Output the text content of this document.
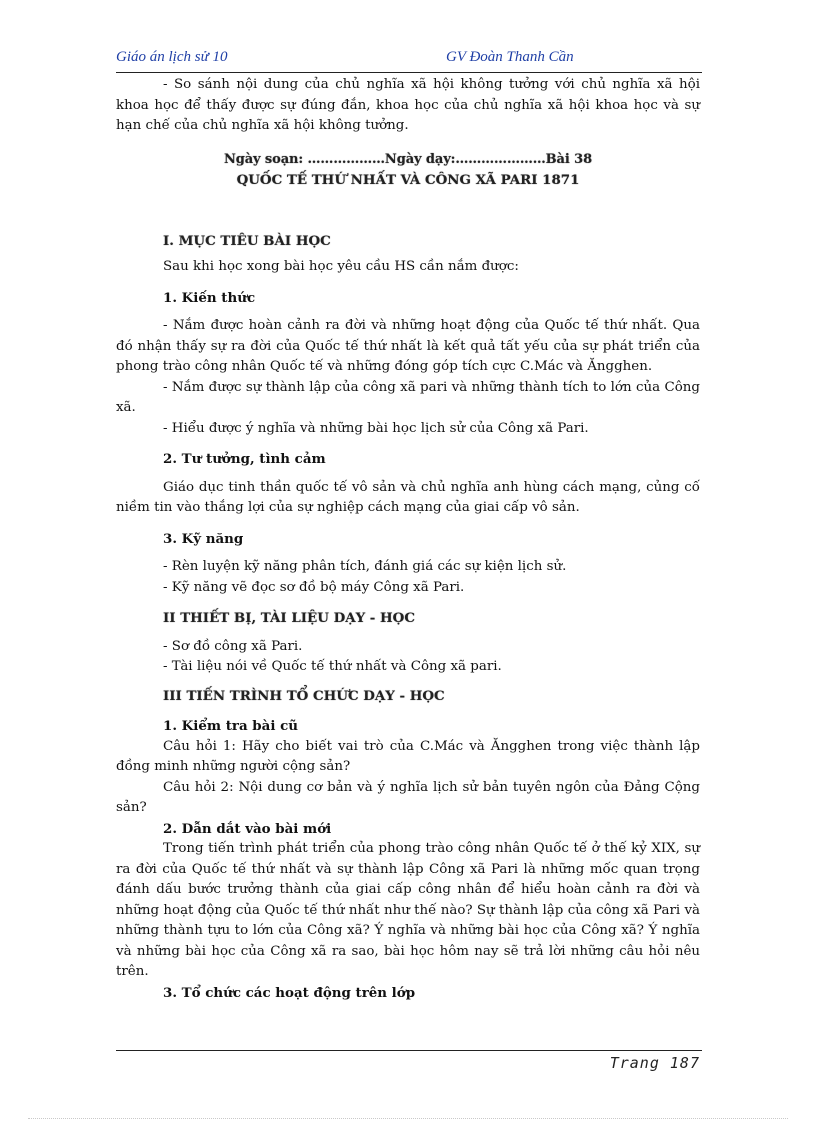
Giáo án lịch sử 10	GV Đoàn Thanh Cần

- So sánh nội dung của chủ nghĩa xã hội không tưởng với chủ nghĩa xã hội khoa học để thấy được sự đúng đắn, khoa học của chủ nghĩa xã hội khoa học và sự hạn chế của chủ nghĩa xã hội không tưởng.

Ngày soạn: ………………Ngày dạy:…………………Bài 38

QUỐC TẾ THỨ NHẤT VÀ CÔNG XÃ PARI 1871

I. MỤC TIÊU BÀI HỌC

Sau khi học xong bài học yêu cầu HS cần nắm được:

1. Kiến thức

- Nắm được hoàn cảnh ra đời và những hoạt động của Quốc tế thứ nhất. Qua đó nhận thấy sự ra đời của Quốc tế thứ nhất là kết quả tất yếu của sự phát triển của phong trào công nhân Quốc tế và những đóng góp tích cực C.Mác và Ăngghen.

- Nắm được sự thành lập của công xã pari và những thành tích to lớn của Công xã.

- Hiểu được ý nghĩa và những bài học lịch sử của Công xã Pari.

2. Tư tưởng, tình cảm

Giáo dục tinh thần quốc tế vô sản và chủ nghĩa anh hùng cách mạng, củng cố niềm tin vào thắng lợi của sự nghiệp cách mạng của giai cấp vô sản.

3. Kỹ năng

- Rèn luyện kỹ năng phân tích, đánh giá các sự kiện lịch sử.

- Kỹ năng vẽ đọc sơ đồ bộ máy Công xã Pari.

II THIẾT BỊ, TÀI LIỆU DẠY - HỌC

- Sơ đồ công xã Pari.

- Tài liệu nói về Quốc tế thứ nhất và Công xã pari.

III TIẾN TRÌNH TỔ CHỨC DẠY - HỌC

1. Kiểm tra bài cũ

Câu hỏi 1: Hãy cho biết vai trò của C.Mác và Ăngghen trong việc thành lập đồng minh những người cộng sản?

Câu hỏi 2: Nội dung cơ bản và ý nghĩa lịch sử bản tuyên ngôn của Đảng Cộng sản?

2. Dẫn dắt vào bài mới

Trong tiến trình phát triển của phong trào công nhân Quốc tế ở thế kỷ XIX, sự ra đời của Quốc tế thứ nhất và sự thành lập Công xã Pari là những mốc quan trọng đánh dấu bước trưởng thành của giai cấp công nhân để hiểu hoàn cảnh ra đời và những hoạt động của Quốc tế thứ nhất như thế nào? Sự thành lập của công xã Pari và những thành tựu to lớn của Công xã? Ý nghĩa và những bài học của Công xã? Ý nghĩa và những bài học của Công xã ra sao, bài học hôm nay sẽ trả lời những câu hỏi nêu trên.

3. Tổ chức các hoạt động trên lớp

Trang 187
